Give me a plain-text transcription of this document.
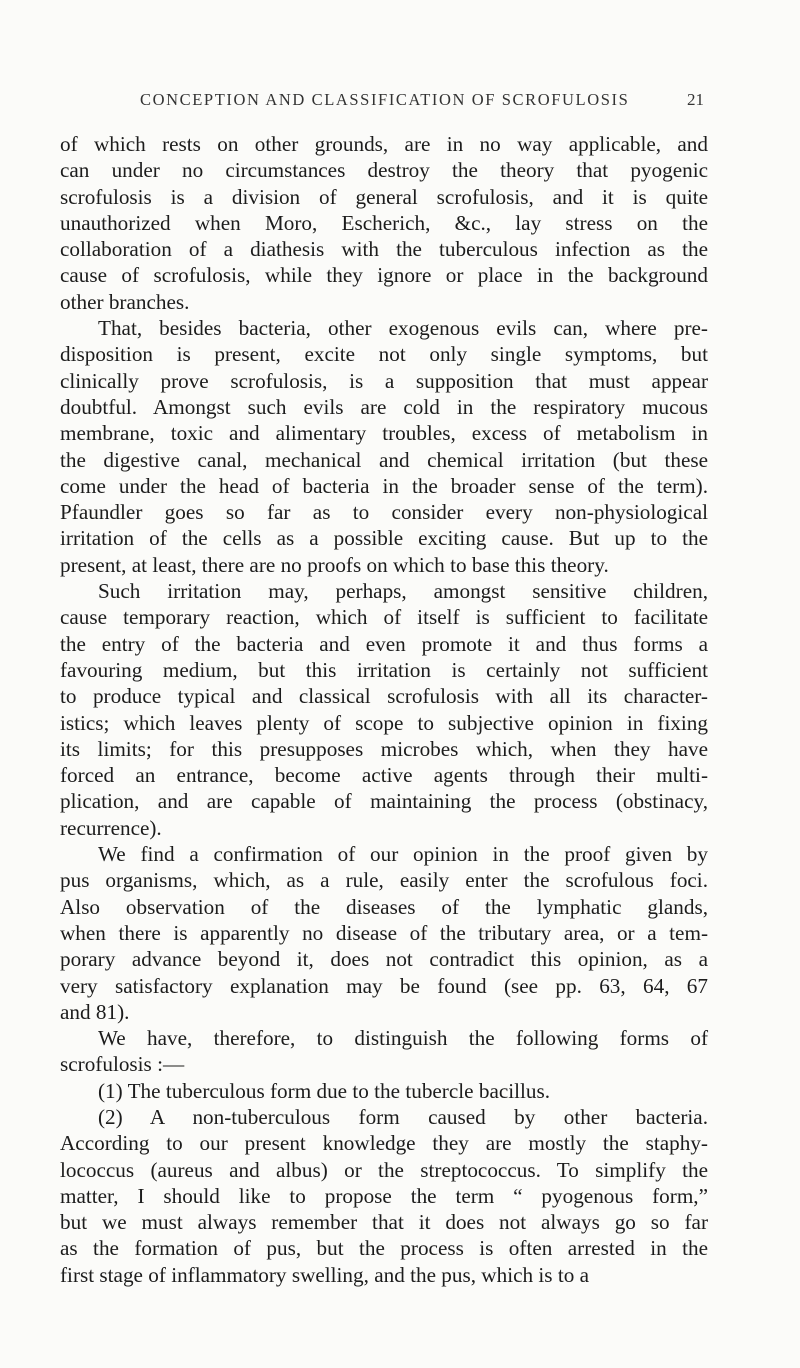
CONCEPTION AND CLASSIFICATION OF SCROFULOSIS	21

of which rests on other grounds, are in no way applicable, and

can under no circumstances destroy the theory that pyogenic

scrofulosis is a division of general scrofulosis, and it is quite

unauthorized when Moro, Escherich, &c., lay stress on the

collaboration of a diathesis with the tuberculous infection as the

cause of scrofulosis, while they ignore or place in the background

other branches.

That, besides bacteria, other exogenous evils can, where pre-

disposition is present, excite not only single symptoms, but

clinically prove scrofulosis, is a supposition that must appear

doubtful. Amongst such evils are cold in the respiratory mucous

membrane, toxic and alimentary troubles, excess of metabolism in

the digestive canal, mechanical and chemical irritation (but these

come under the head of bacteria in the broader sense of the term).

Pfaundler goes so far as to consider every non-physiological

irritation of the cells as a possible exciting cause. But up to the

present, at least, there are no proofs on which to base this theory.

Such irritation may, perhaps, amongst sensitive children,

cause temporary reaction, which of itself is sufficient to facilitate

the entry of the bacteria and even promote it and thus forms a

favouring medium, but this irritation is certainly not sufficient

to produce typical and classical scrofulosis with all its character-

istics; which leaves plenty of scope to subjective opinion in fixing

its limits; for this presupposes microbes which, when they have

forced an entrance, become active agents through their multi-

plication, and are capable of maintaining the process (obstinacy,

recurrence).

We find a confirmation of our opinion in the proof given by

pus organisms, which, as a rule, easily enter the scrofulous foci.

Also observation of the diseases of the lymphatic glands,

when there is apparently no disease of the tributary area, or a tem-

porary advance beyond it, does not contradict this opinion, as a

very satisfactory explanation may be found (see pp. 63, 64, 67

and 81).

We have, therefore, to distinguish the following forms of

scrofulosis :—

(1) The tuberculous form due to the tubercle bacillus.

(2) A non-tuberculous form caused by other bacteria.

According to our present knowledge they are mostly the staphy-

lococcus (aureus and albus) or the streptococcus. To simplify the

matter, I should like to propose the term “ pyogenous form,”

but we must always remember that it does not always go so far

as the formation of pus, but the process is often arrested in the

first stage of inflammatory swelling, and the pus, which is to a
